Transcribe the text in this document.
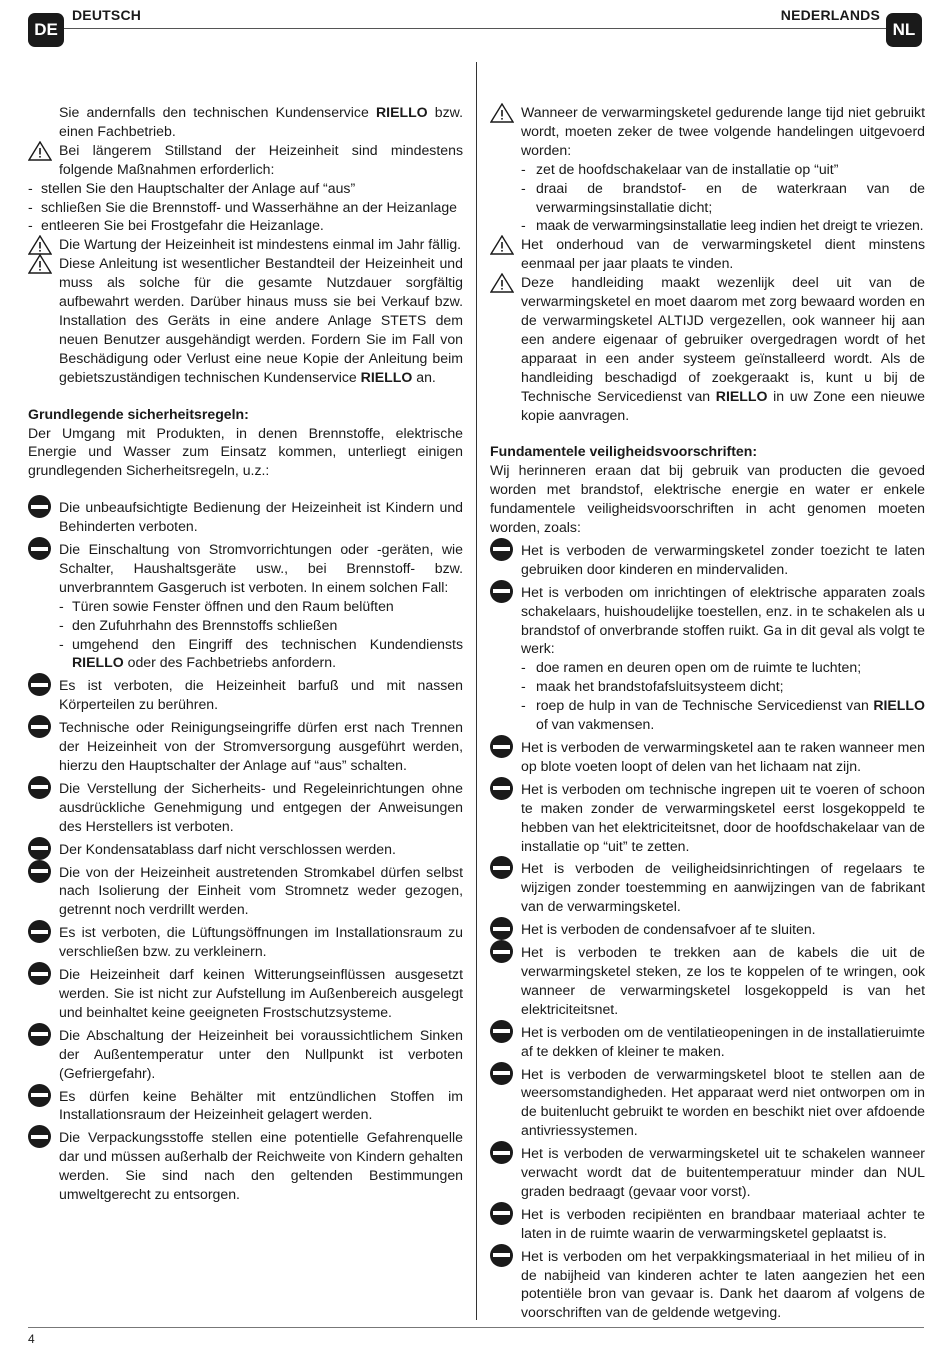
DE
DEUTSCH	NEDERLANDS
NL

Sie andernfalls den technischen Kundenservice RIELLO bzw. einen Fachbetrieb.

Bei längerem Stillstand der Heizeinheit sind mindestens folgende Maßnahmen erforderlich:

- stellen Sie den Hauptschalter der Anlage auf “aus”
- schließen Sie die Brennstoff- und Wasserhähne an der Heizanlage
- entleeren Sie bei Frostgefahr die Heizanlage.

Die Wartung der Heizeinheit ist mindestens einmal im Jahr fällig.

Diese Anleitung ist wesentlicher Bestandteil der Heizeinheit und muss als solche für die gesamte Nutzdauer sorgfältig aufbewahrt werden. Darüber hinaus muss sie bei Verkauf bzw. Installation des Geräts in eine andere Anlage STETS dem neuen Benutzer ausgehändigt werden. Fordern Sie im Fall von Beschädigung oder Verlust eine neue Kopie der Anleitung beim gebietszuständigen technischen Kundenservice RIELLO an.

Grundlegende sicherheitsregeln:

Der Umgang mit Produkten, in denen Brennstoffe, elektrische Energie und Wasser zum Einsatz kommen, unterliegt einigen grundlegenden Sicherheitsregeln, u.z.:

Die unbeaufsichtigte Bedienung der Heizeinheit ist Kindern und Behinderten verboten.

Die Einschaltung von Stromvorrichtungen oder -geräten, wie Schalter, Haushaltsgeräte usw., bei Brennstoff- bzw. unverbranntem Gasgeruch ist verboten. In einem solchen Fall:

- Türen sowie Fenster öffnen und den Raum belüften
- den Zufuhrhahn des Brennstoffs schließen
- umgehend den Eingriff des technischen Kundendiensts RIELLO oder des Fachbetriebs anfordern.

Es ist verboten, die Heizeinheit barfuß und mit nassen Körperteilen zu berühren.

Technische oder Reinigungseingriffe dürfen erst nach Trennen der Heizeinheit von der Stromversorgung ausgeführt werden, hierzu den Hauptschalter der Anlage auf “aus” schalten.

Die Verstellung der Sicherheits- und Regeleinrichtungen ohne ausdrückliche Genehmigung und entgegen der Anweisungen des Herstellers ist verboten.

Der Kondensatablass darf nicht verschlossen werden.

Die von der Heizeinheit austretenden Stromkabel dürfen selbst nach Isolierung der Einheit vom Stromnetz weder gezogen, getrennt noch verdrillt werden.

Es ist verboten, die Lüftungsöffnungen im Installationsraum zu verschließen bzw. zu verkleinern.

Die Heizeinheit darf keinen Witterungseinflüssen ausgesetzt werden. Sie ist nicht zur Aufstellung im Außenbereich ausgelegt und beinhaltet keine geeigneten Frostschutzsysteme.

Die Abschaltung der Heizeinheit bei voraussichtlichem Sinken der Außentemperatur unter den Nullpunkt ist verboten (Gefriergefahr).

Es dürfen keine Behälter mit entzündlichen Stoffen im Installationsraum der Heizeinheit gelagert werden.

Die Verpackungsstoffe stellen eine potentielle Gefahrenquelle dar und müssen außerhalb der Reichweite von Kindern gehalten werden. Sie sind nach den geltenden Bestimmungen umweltgerecht zu entsorgen.

Wanneer de verwarmingsketel gedurende lange tijd niet gebruikt wordt, moeten zeker de twee volgende handelingen uitgevoerd worden:

- zet de hoofdschakelaar van de installatie op “uit”
- draai de brandstof- en de waterkraan van de verwarmingsinstallatie dicht;
- maak de verwarmingsinstallatie leeg indien het dreigt te vriezen.

Het onderhoud van de verwarmingsketel dient minstens eenmaal per jaar plaats te vinden.

Deze handleiding maakt wezenlijk deel uit van de verwarmingsketel en moet daarom met zorg bewaard worden en de verwarmingsketel ALTIJD vergezellen, ook wanneer hij aan een andere eigenaar of gebruiker overgedragen wordt of het apparaat in een ander systeem geïnstalleerd wordt. Als de handleiding beschadigd of zoekgeraakt is, kunt u bij de Technische Servicedienst van RIELLO in uw Zone een nieuwe kopie aanvragen.

Fundamentele veiligheidsvoorschriften:

Wij herinneren eraan dat bij gebruik van producten die gevoed worden met brandstof, elektrische energie en water er enkele fundamentele veiligheidsvoorschriften in acht genomen moeten worden, zoals:

Het is verboden de verwarmingsketel zonder toezicht te laten gebruiken door kinderen en mindervaliden.

Het is verboden om inrichtingen of elektrische apparaten zoals schakelaars, huishoudelijke toestellen, enz. in te schakelen als u brandstof of onverbrande stoffen ruikt. Ga in dit geval als volgt te werk:

- doe ramen en deuren open om de ruimte te luchten;
- maak het brandstofafsluitsysteem dicht;
- roep de hulp in van de Technische Servicedienst van RIELLO of van vakmensen.

Het is verboden de verwarmingsketel aan te raken wanneer men op blote voeten loopt of delen van het lichaam nat zijn.

Het is verboden om technische ingrepen uit te voeren of schoon te maken zonder de verwarmingsketel eerst losgekoppeld te hebben van het elektriciteitsnet, door de hoofdschakelaar van de installatie op “uit” te zetten.

Het is verboden de veiligheidsinrichtingen of regelaars te wijzigen zonder toestemming en aanwijzingen van de fabrikant van de verwarmingsketel.

Het is verboden de condensafvoer af te sluiten.

Het is verboden te trekken aan de kabels die uit de verwarmingsketel steken, ze los te koppelen of te wringen, ook wanneer de verwarmingsketel losgekoppeld is van het elektriciteitsnet.

Het is verboden om de ventilatieopeningen in de installatieruimte af te dekken of kleiner te maken.

Het is verboden de verwarmingsketel bloot te stellen aan de weersomstandigheden. Het apparaat werd niet ontworpen om in de buitenlucht gebruikt te worden en beschikt niet over afdoende antivriessystemen.

Het is verboden de verwarmingsketel uit te schakelen wanneer verwacht wordt dat de buitentemperatuur minder dan NUL graden bedraagt (gevaar voor vorst).

Het is verboden recipiënten en brandbaar materiaal achter te laten in de ruimte waarin de verwarmingsketel geplaatst is.

Het is verboden om het verpakkingsmateriaal in het milieu of in de nabijheid van kinderen achter te laten aangezien het een potentiële bron van gevaar is. Dank het daarom af volgens de voorschriften van de geldende wetgeving.

4
